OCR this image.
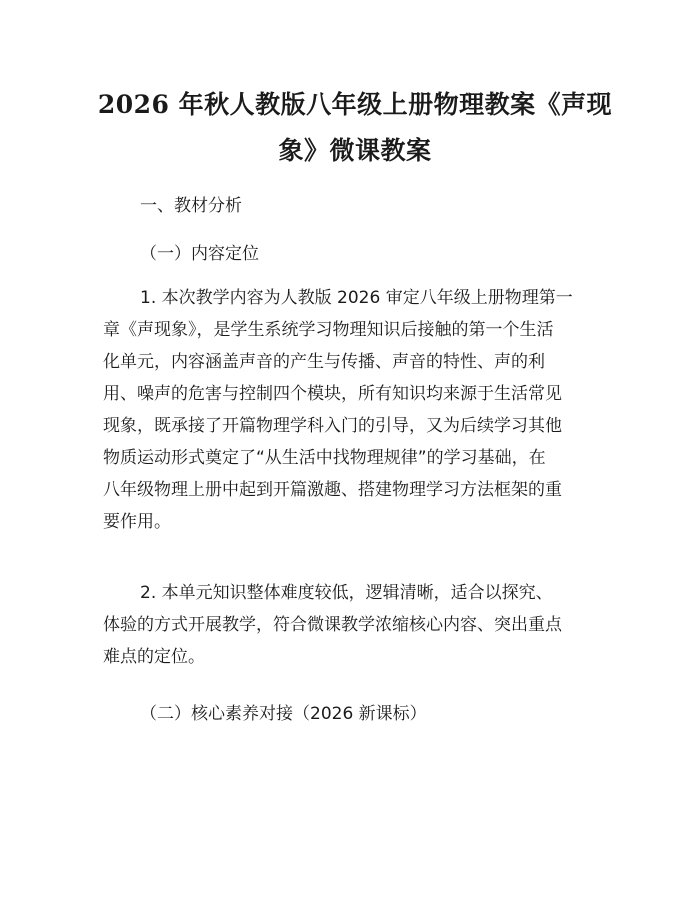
2026 年秋人教版八年级上册物理教案《声现
象》微课教案

一、教材分析

（一）内容定位

1. 本次教学内容为人教版 2026 审定八年级上册物理第一
章《声现象》，是学生系统学习物理知识后接触的第一个生活
化单元，内容涵盖声音的产生与传播、声音的特性、声的利
用、噪声的危害与控制四个模块，所有知识均来源于生活常见
现象，既承接了开篇物理学科入门的引导，又为后续学习其他
物质运动形式奠定了“从生活中找物理规律”的学习基础，在
八年级物理上册中起到开篇激趣、搭建物理学习方法框架的重
要作用。
2. 本单元知识整体难度较低，逻辑清晰，适合以探究、
体验的方式开展教学，符合微课教学浓缩核心内容、突出重点
难点的定位。

（二）核心素养对接（2026 新课标）
